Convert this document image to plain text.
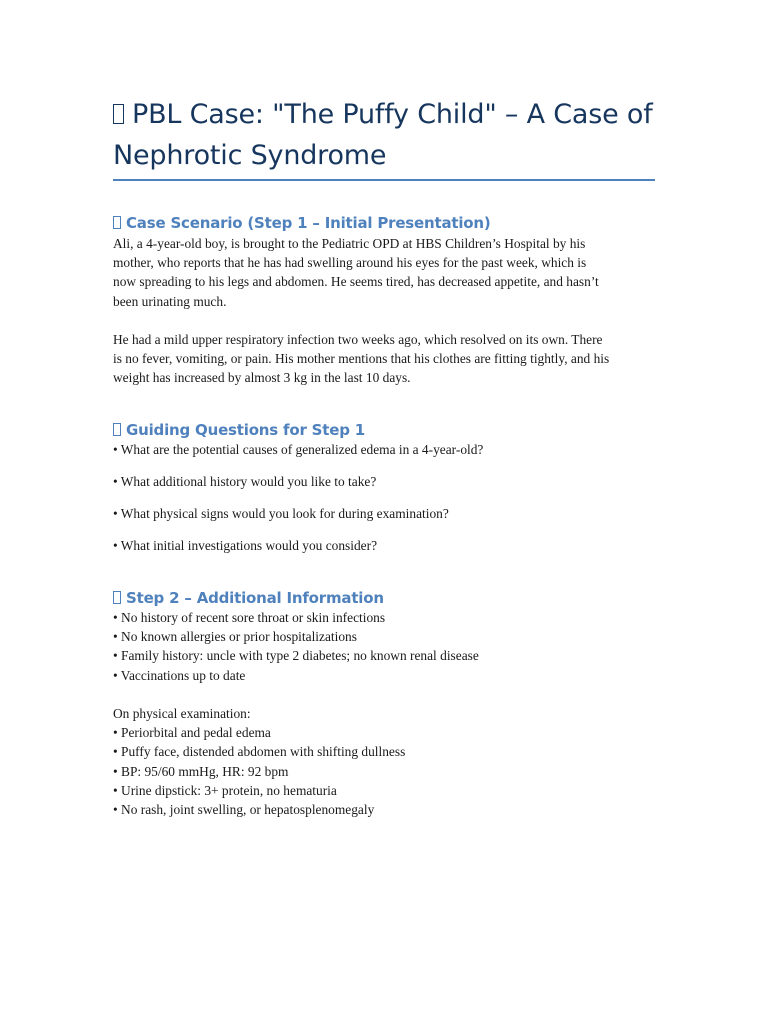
PBL Case: "The Puffy Child" – A Case of
Nephrotic Syndrome
Case Scenario (Step 1 – Initial Presentation)

Ali, a 4-year-old boy, is brought to the Pediatric OPD at HBS Children’s Hospital by his
mother, who reports that he has had swelling around his eyes for the past week, which is
now spreading to his legs and abdomen. He seems tired, has decreased appetite, and hasn’t
been urinating much.

He had a mild upper respiratory infection two weeks ago, which resolved on its own. There
is no fever, vomiting, or pain. His mother mentions that his clothes are fitting tightly, and his
weight has increased by almost 3 kg in the last 10 days.

Guiding Questions for Step 1

• What are the potential causes of generalized edema in a 4-year-old?

• What additional history would you like to take?

• What physical signs would you look for during examination?

• What initial investigations would you consider?

Step 2 – Additional Information

• No history of recent sore throat or skin infections
• No known allergies or prior hospitalizations
• Family history: uncle with type 2 diabetes; no known renal disease
• Vaccinations up to date

On physical examination:
• Periorbital and pedal edema
• Puffy face, distended abdomen with shifting dullness
• BP: 95/60 mmHg, HR: 92 bpm
• Urine dipstick: 3+ protein, no hematuria
• No rash, joint swelling, or hepatosplenomegaly
